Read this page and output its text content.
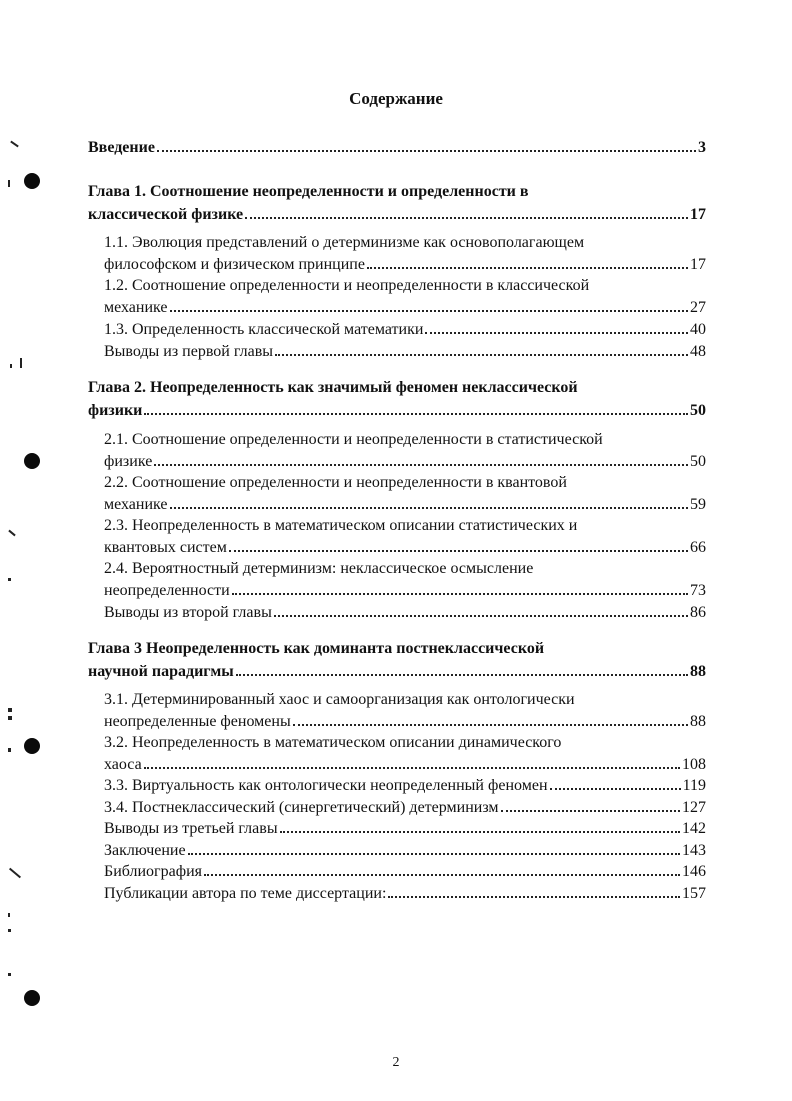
Содержание
Введение	3
Глава 1. Соотношение неопределенности и определенности в
классической физике	17
1.1. Эволюция представлений о детерминизме как основополагающем
философском и физическом принципе	17
1.2. Соотношение определенности и неопределенности в классической
механике	27
1.3. Определенность классической математики	40
Выводы из первой главы	48
Глава 2. Неопределенность как значимый феномен неклассической
физики	50
2.1. Соотношение определенности и неопределенности в статистической
физике	50
2.2. Соотношение определенности и неопределенности в квантовой
механике	59
2.3. Неопределенность в математическом описании статистических и
квантовых систем	66
2.4. Вероятностный детерминизм: неклассическое осмысление
неопределенности	73
Выводы из второй главы	86
Глава 3 Неопределенность как доминанта постнеклассической
научной парадигмы	88
3.1. Детерминированный хаос и самоорганизация как онтологически
неопределенные феномены	88
3.2. Неопределенность в математическом описании динамического
хаоса	108
3.3. Виртуальность как онтологически неопределенный феномен	119
3.4. Постнеклассический (синергетический) детерминизм	127
Выводы из третьей главы	142
Заключение	143
Библиография	146
Публикации автора по теме диссертации:	157
2
